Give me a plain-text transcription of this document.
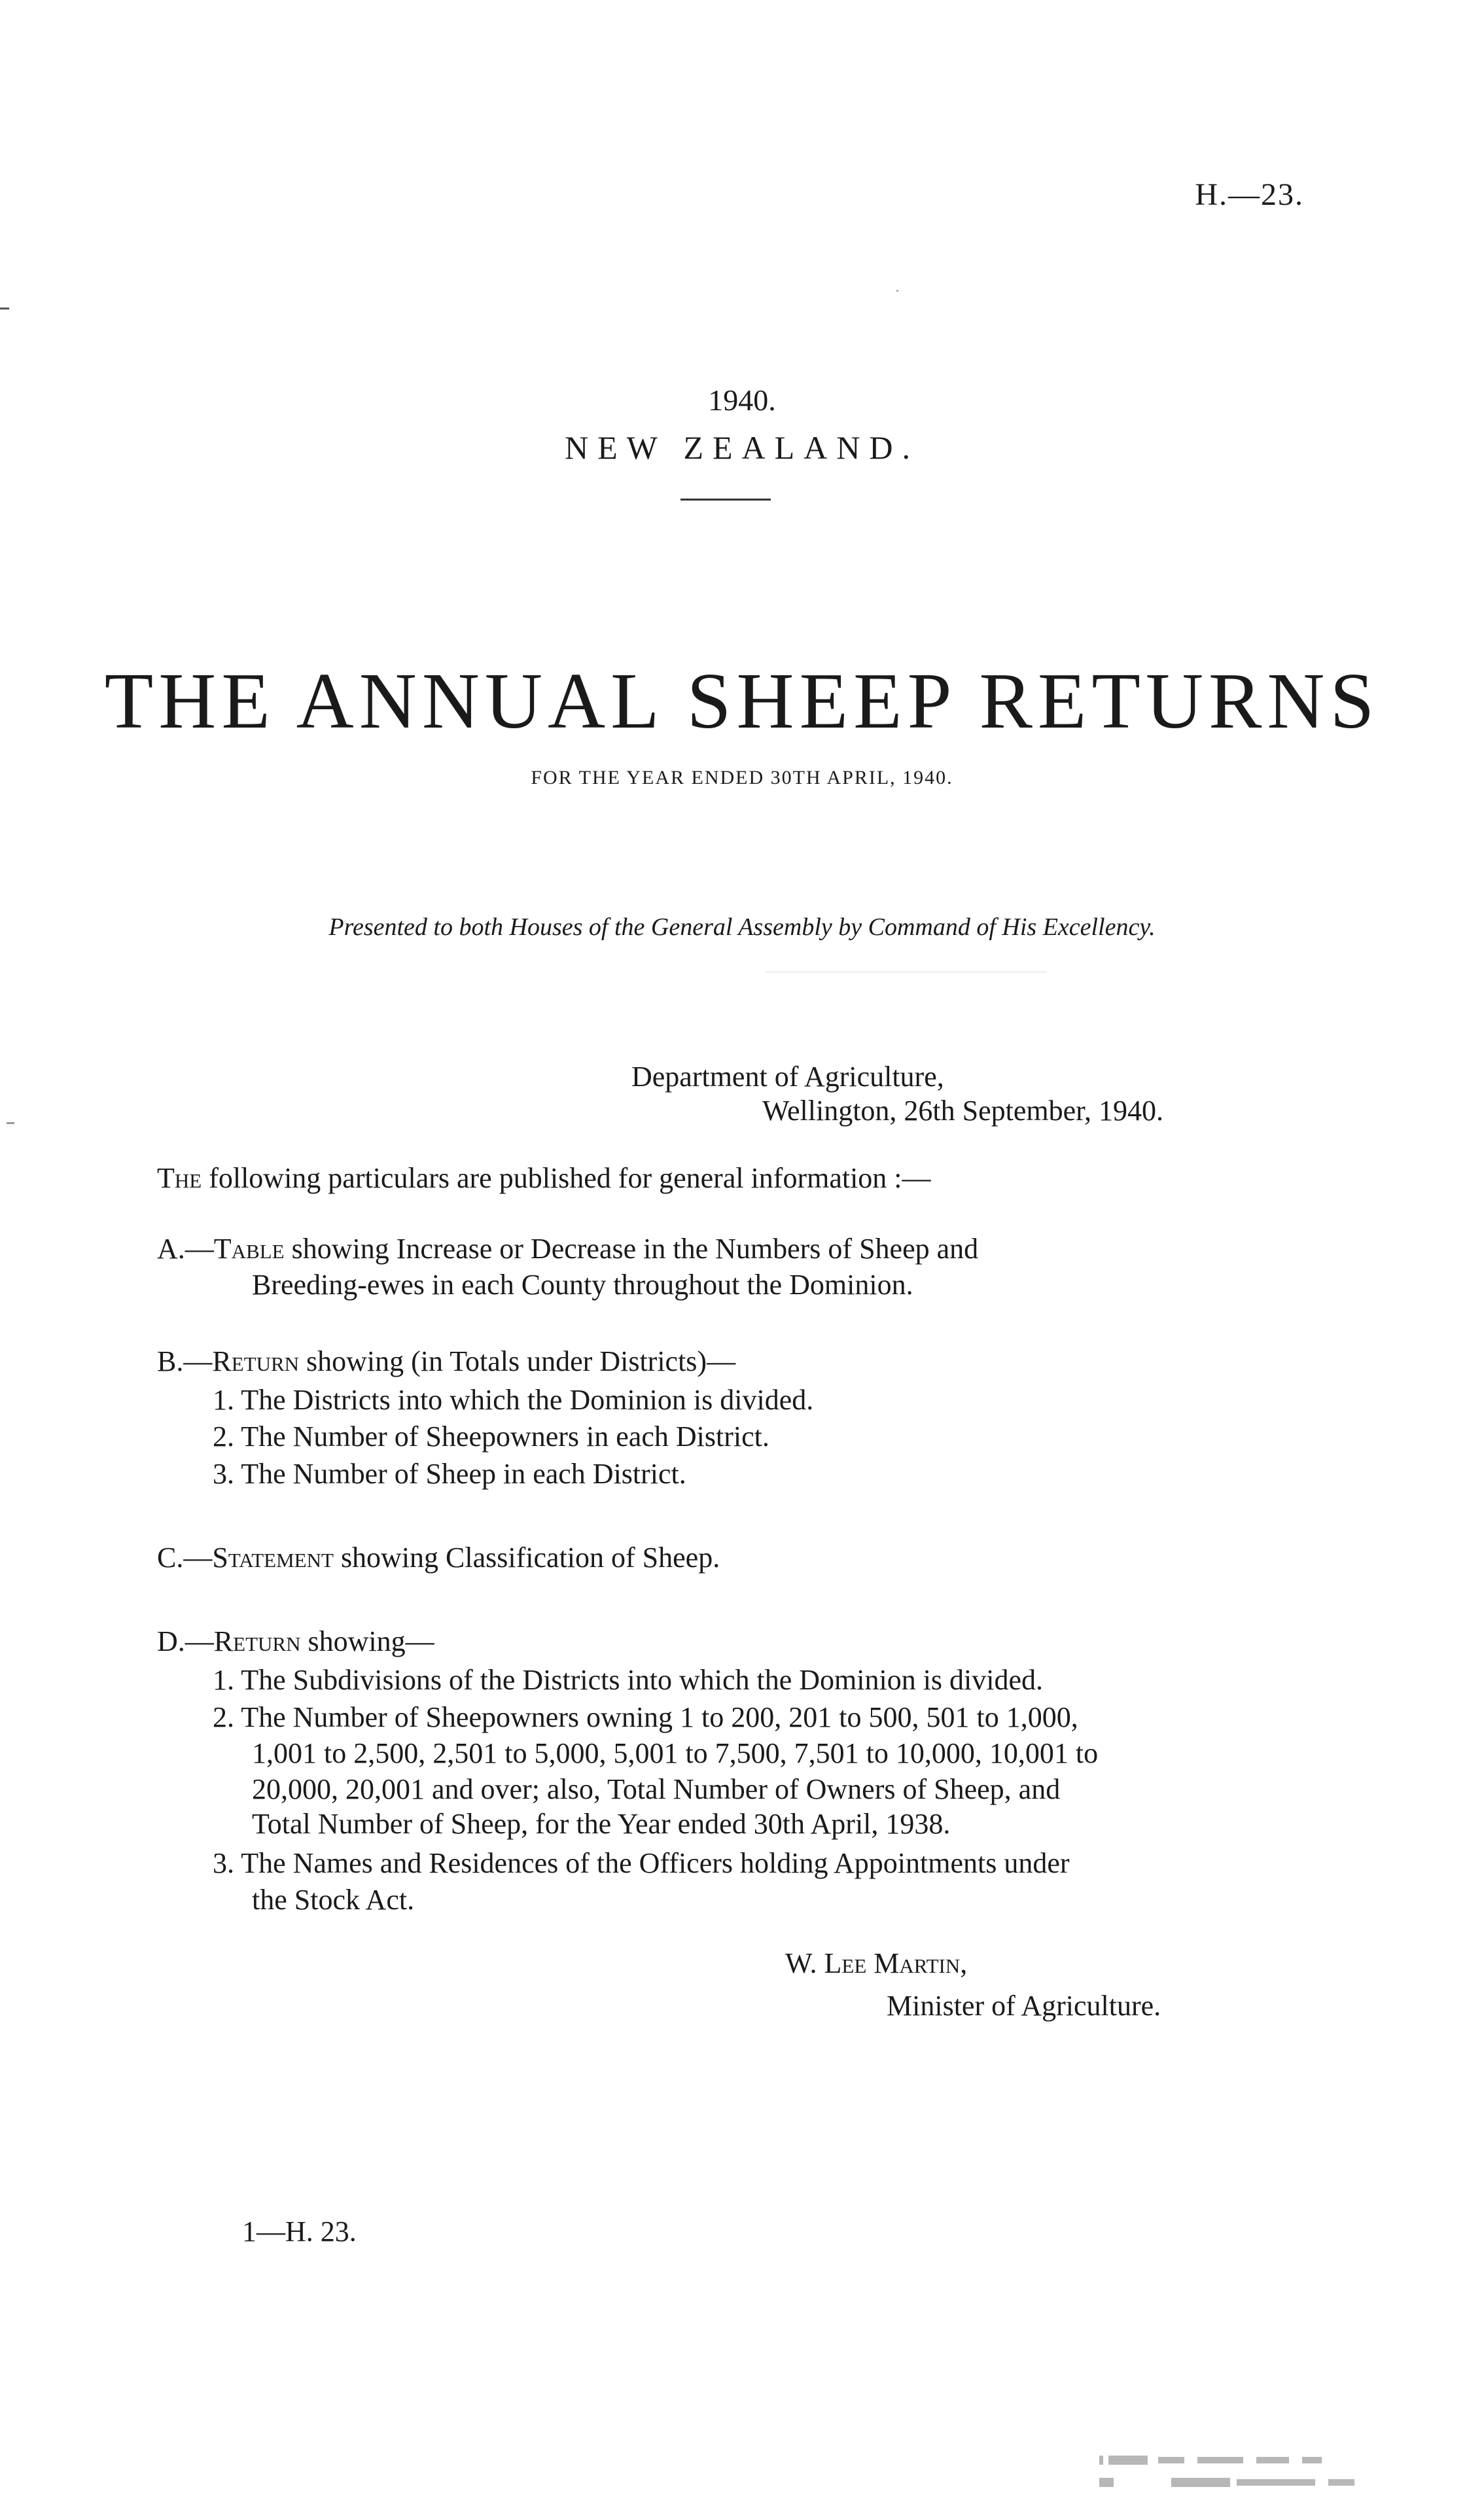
H.—23.
1940.
NEW ZEALAND.
THE ANNUAL SHEEP RETURNS
FOR THE YEAR ENDED 30TH APRIL, 1940.
Presented to both Houses of the General Assembly by Command of His Excellency.
Department of Agriculture,
Wellington, 26th September, 1940.
The following particulars are published for general information :—
A.—Table showing Increase or Decrease in the Numbers of Sheep and
Breeding-ewes in each County throughout the Dominion.
B.—Return showing (in Totals under Districts)—
1. The Districts into which the Dominion is divided.
2. The Number of Sheepowners in each District.
3. The Number of Sheep in each District.
C.—Statement showing Classification of Sheep.
D.—Return showing—
1. The Subdivisions of the Districts into which the Dominion is divided.
2. The Number of Sheepowners owning 1 to 200, 201 to 500, 501 to 1,000,
1,001 to 2,500, 2,501 to 5,000, 5,001 to 7,500, 7,501 to 10,000, 10,001 to
20,000, 20,001 and over; also, Total Number of Owners of Sheep, and
Total Number of Sheep, for the Year ended 30th April, 1938.
3. The Names and Residences of the Officers holding Appointments under
the Stock Act.
W. Lee Martin,
Minister of Agriculture.
1—H. 23.
